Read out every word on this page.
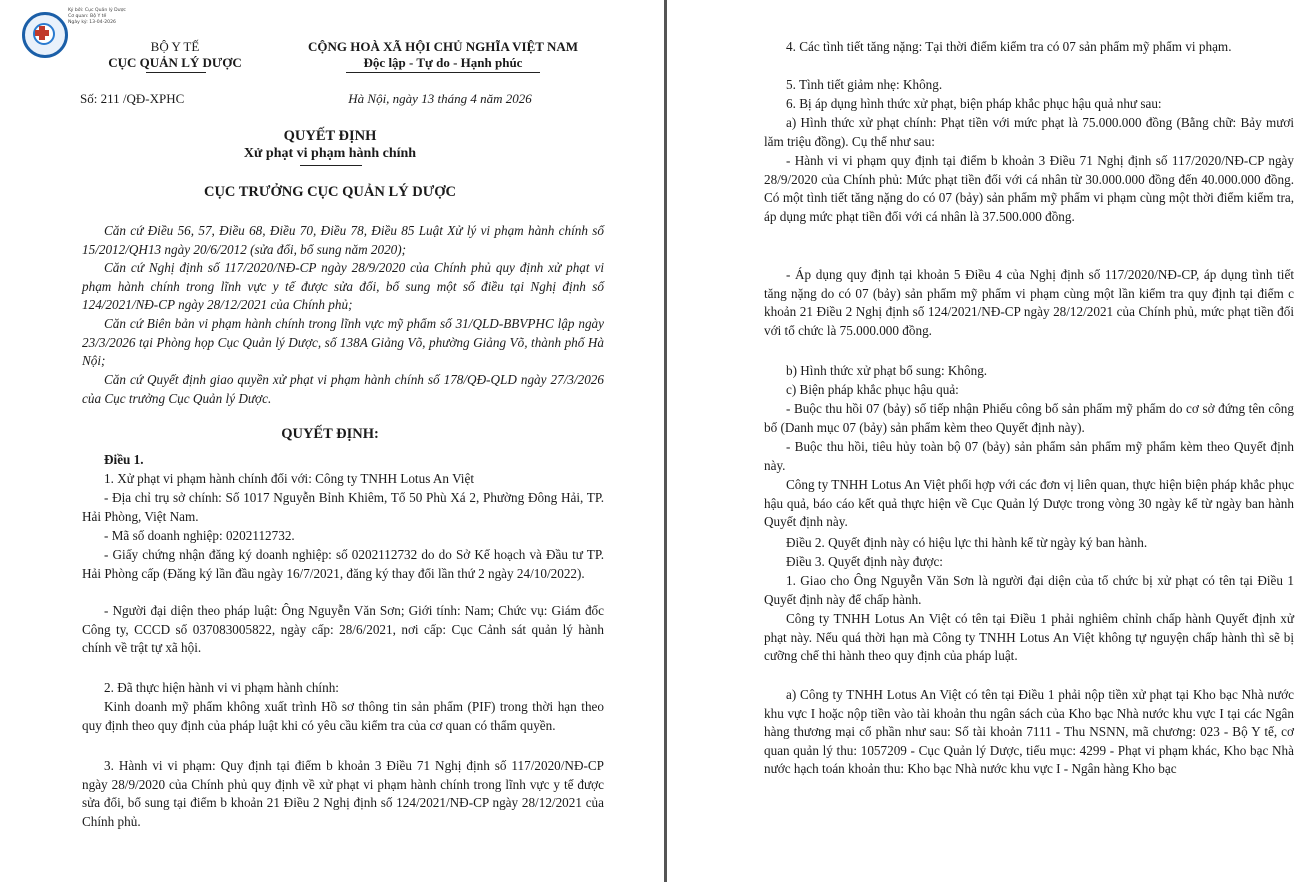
Ký bởi: Cục Quản lý Dược
Cơ quan: Bộ Y tế
Ngày ký: 13-04-2026

BỘ Y TẾ

CỤC QUẢN LÝ DƯỢC

CỘNG HOÀ XÃ HỘI CHỦ NGHĨA VIỆT NAM

Độc lập - Tự do - Hạnh phúc

Số: 211 /QĐ-XPHC	Hà Nội, ngày 13 tháng 4 năm 2026

QUYẾT ĐỊNH

Xử phạt vi phạm hành chính

CỤC TRƯỞNG CỤC QUẢN LÝ DƯỢC

Căn cứ Điều 56, 57, Điều 68, Điều 70, Điều 78, Điều 85 Luật Xử lý vi phạm hành chính số 15/2012/QH13 ngày 20/6/2012 (sửa đổi, bổ sung năm 2020);

Căn cứ Nghị định số 117/2020/NĐ-CP ngày 28/9/2020 của Chính phủ quy định xử phạt vi phạm hành chính trong lĩnh vực y tế được sửa đổi, bổ sung một số điều tại Nghị định số 124/2021/NĐ-CP ngày 28/12/2021 của Chính phủ;

Căn cứ Biên bản vi phạm hành chính trong lĩnh vực mỹ phẩm số 31/QLD-BBVPHC lập ngày 23/3/2026 tại Phòng họp Cục Quản lý Dược, số 138A Giảng Võ, phường Giảng Võ, thành phố Hà Nội;

Căn cứ Quyết định giao quyền xử phạt vi phạm hành chính số 178/QĐ-QLD ngày 27/3/2026 của Cục trưởng Cục Quản lý Dược.

QUYẾT ĐỊNH:

Điều 1.

1. Xử phạt vi phạm hành chính đối với: Công ty TNHH Lotus An Việt

- Địa chỉ trụ sở chính: Số 1017 Nguyễn Bỉnh Khiêm, Tổ 50 Phù Xá 2, Phường Đông Hải, TP. Hải Phòng, Việt Nam.

- Mã số doanh nghiệp: 0202112732.

- Giấy chứng nhận đăng ký doanh nghiệp: số 0202112732 do do Sở Kế hoạch và Đầu tư TP. Hải Phòng cấp (Đăng ký lần đầu ngày 16/7/2021, đăng ký thay đổi lần thứ 2 ngày 24/10/2022).

- Người đại diện theo pháp luật: Ông Nguyễn Văn Sơn; Giới tính: Nam; Chức vụ: Giám đốc Công ty, CCCD số 037083005822, ngày cấp: 28/6/2021, nơi cấp: Cục Cảnh sát quản lý hành chính về trật tự xã hội.

2. Đã thực hiện hành vi vi phạm hành chính:

Kinh doanh mỹ phẩm không xuất trình Hồ sơ thông tin sản phẩm (PIF) trong thời hạn theo quy định theo quy định của pháp luật khi có yêu cầu kiểm tra của cơ quan có thẩm quyền.

3. Hành vi vi phạm: Quy định tại điểm b khoản 3 Điều 71 Nghị định số 117/2020/NĐ-CP ngày 28/9/2020 của Chính phủ quy định về xử phạt vi phạm hành chính trong lĩnh vực y tế được sửa đổi, bổ sung tại điểm b khoản 21 Điều 2 Nghị định số 124/2021/NĐ-CP ngày 28/12/2021 của Chính phủ.

4. Các tình tiết tăng nặng: Tại thời điểm kiểm tra có 07 sản phẩm mỹ phẩm vi phạm.

5. Tình tiết giảm nhẹ: Không.

6. Bị áp dụng hình thức xử phạt, biện pháp khắc phục hậu quả như sau:

a) Hình thức xử phạt chính: Phạt tiền với mức phạt là 75.000.000 đồng (Bằng chữ: Bảy mươi lăm triệu đồng). Cụ thể như sau:

- Hành vi vi phạm quy định tại điểm b khoản 3 Điều 71 Nghị định số 117/2020/NĐ-CP ngày 28/9/2020 của Chính phủ: Mức phạt tiền đối với cá nhân từ 30.000.000 đồng đến 40.000.000 đồng. Có một tình tiết tăng nặng do có 07 (bảy) sản phẩm mỹ phẩm vi phạm cùng một thời điểm kiểm tra, áp dụng mức phạt tiền đối với cá nhân là 37.500.000 đồng.

- Áp dụng quy định tại khoản 5 Điều 4 của Nghị định số 117/2020/NĐ-CP, áp dụng tình tiết tăng nặng do có 07 (bảy) sản phẩm mỹ phẩm vi phạm cùng một lần kiểm tra quy định tại điểm c khoản 21 Điều 2 Nghị định số 124/2021/NĐ-CP ngày 28/12/2021 của Chính phủ, mức phạt tiền đối với tổ chức là 75.000.000 đồng.

b) Hình thức xử phạt bổ sung: Không.

c) Biện pháp khắc phục hậu quả:

- Buộc thu hồi 07 (bảy) số tiếp nhận Phiếu công bố sản phẩm mỹ phẩm do cơ sở đứng tên công bố (Danh mục 07 (bảy) sản phẩm kèm theo Quyết định này).

- Buộc thu hồi, tiêu hủy toàn bộ 07 (bảy) sản phẩm sản phẩm mỹ phẩm kèm theo Quyết định này.

Công ty TNHH Lotus An Việt phối hợp với các đơn vị liên quan, thực hiện biện pháp khắc phục hậu quả, báo cáo kết quả thực hiện về Cục Quản lý Dược trong vòng 30 ngày kể từ ngày ban hành Quyết định này.

Điều 2. Quyết định này có hiệu lực thi hành kể từ ngày ký ban hành.

Điều 3. Quyết định này được:

1. Giao cho Ông Nguyễn Văn Sơn là người đại diện của tổ chức bị xử phạt có tên tại Điều 1 Quyết định này để chấp hành.

Công ty TNHH Lotus An Việt có tên tại Điều 1 phải nghiêm chỉnh chấp hành Quyết định xử phạt này. Nếu quá thời hạn mà Công ty TNHH Lotus An Việt không tự nguyện chấp hành thì sẽ bị cưỡng chế thi hành theo quy định của pháp luật.

a) Công ty TNHH Lotus An Việt có tên tại Điều 1 phải nộp tiền xử phạt tại Kho bạc Nhà nước khu vực I hoặc nộp tiền vào tài khoản thu ngân sách của Kho bạc Nhà nước khu vực I tại các Ngân hàng thương mại cổ phần như sau: Số tài khoản 7111 - Thu NSNN, mã chương: 023 - Bộ Y tế, cơ quan quản lý thu: 1057209 - Cục Quản lý Dược, tiểu mục: 4299 - Phạt vi phạm khác, Kho bạc Nhà nước hạch toán khoản thu: Kho bạc Nhà nước khu vực I - Ngân hàng Kho bạc
